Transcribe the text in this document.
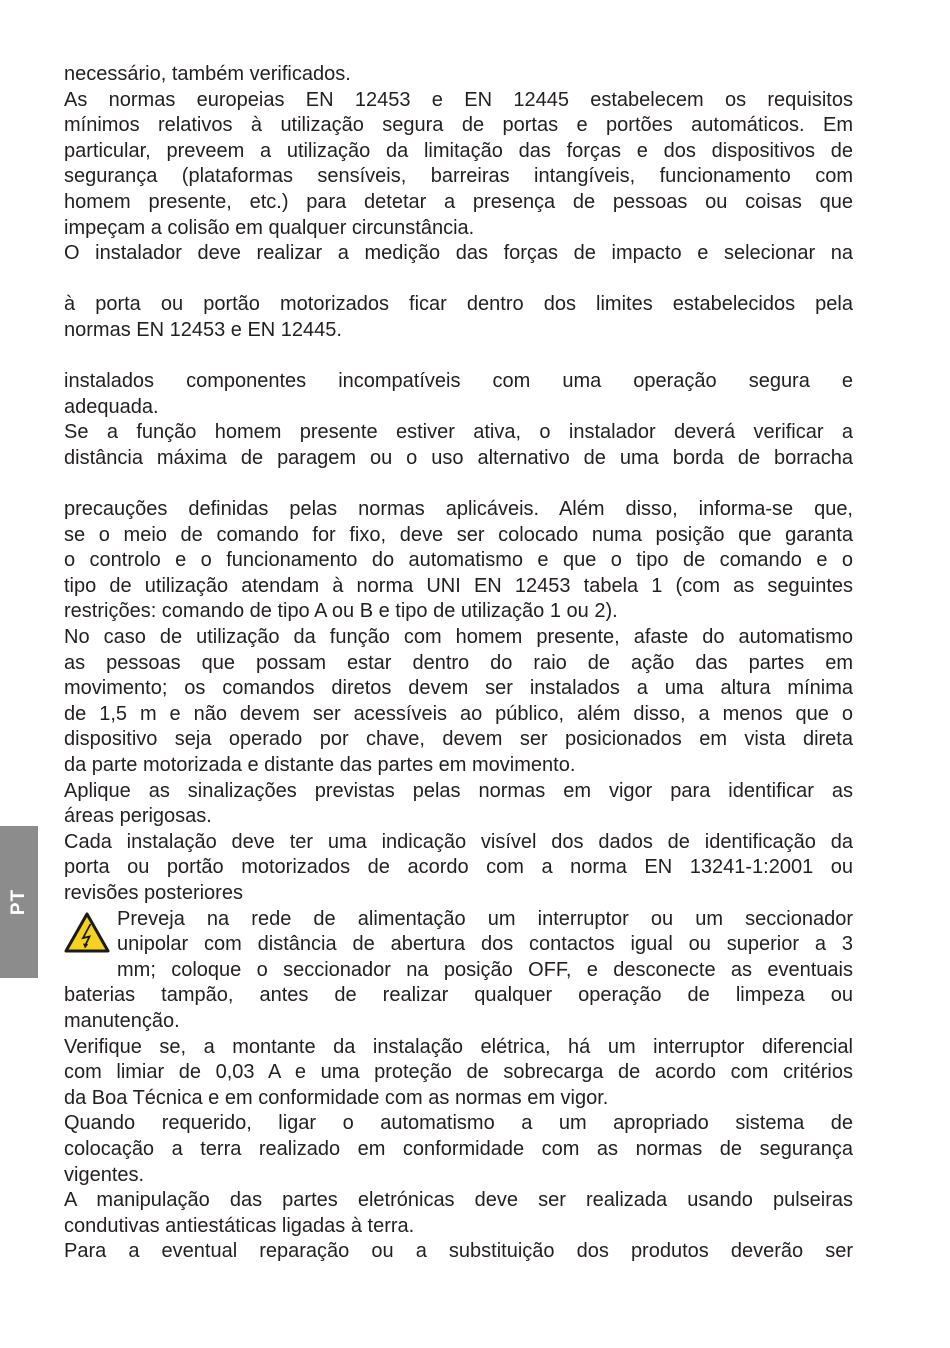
necessário, também verificados.
As normas europeias EN 12453 e EN 12445 estabelecem os requisitos
mínimos relativos à utilização segura de portas e portões automáticos. Em
particular, preveem a utilização da limitação das forças e dos dispositivos de
segurança (plataformas sensíveis, barreiras intangíveis, funcionamento com
homem presente, etc.) para detetar a presença de pessoas ou coisas que
impeçam a colisão em qualquer circunstância.
O instalador deve realizar a medição das forças de impacto e selecionar na
à porta ou portão motorizados ficar dentro dos limites estabelecidos pela
normas EN 12453 e EN 12445.
instalados componentes incompatíveis com uma operação segura e
adequada.
Se a função homem presente estiver ativa, o instalador deverá verificar a
distância máxima de paragem ou o uso alternativo de uma borda de borracha
precauções definidas pelas normas aplicáveis. Além disso, informa-se que,
se o meio de comando for fixo, deve ser colocado numa posição que garanta
o controlo e o funcionamento do automatismo e que o tipo de comando e o
tipo de utilização atendam à norma UNI EN 12453 tabela 1 (com as seguintes
restrições: comando de tipo A ou B e tipo de utilização 1 ou 2).
No caso de utilização da função com homem presente, afaste do automatismo
as pessoas que possam estar dentro do raio de ação das partes em
movimento; os comandos diretos devem ser instalados a uma altura mínima
de 1,5 m e não devem ser acessíveis ao público, além disso, a menos que o
dispositivo seja operado por chave, devem ser posicionados em vista direta
da parte motorizada e distante das partes em movimento.
Aplique as sinalizações previstas pelas normas em vigor para identificar as
áreas perigosas.
Cada instalação deve ter uma indicação visível dos dados de identificação da
porta ou portão motorizados de acordo com a norma EN 13241-1:2001 ou
revisões posteriores
Preveja na rede de alimentação um interruptor ou um seccionador
unipolar com distância de abertura dos contactos igual ou superior a 3
mm; coloque o seccionador na posição OFF, e desconecte as eventuais
baterias tampão, antes de realizar qualquer operação de limpeza ou
manutenção.
Verifique se, a montante da instalação elétrica, há um interruptor diferencial
com limiar de 0,03 A e uma proteção de sobrecarga de acordo com critérios
da Boa Técnica e em conformidade com as normas em vigor.
Quando requerido, ligar o automatismo a um apropriado sistema de
colocação a terra realizado em conformidade com as normas de segurança
vigentes.
A manipulação das partes eletrónicas deve ser realizada usando pulseiras
condutivas antiestáticas ligadas à terra.
Para a eventual reparação ou a substituição dos produtos deverão ser
PT
